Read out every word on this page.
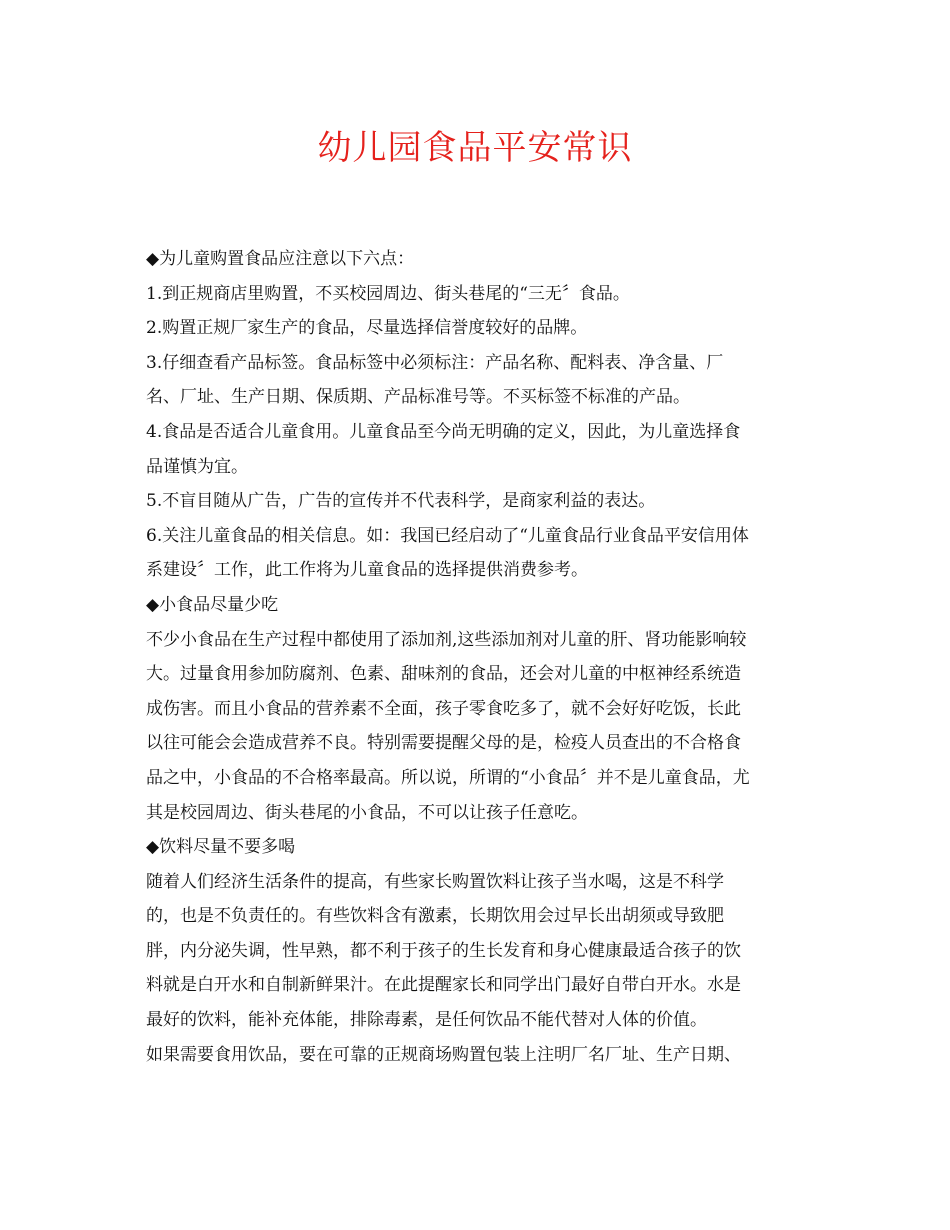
幼儿园食品平安常识
◆为儿童购置食品应注意以下六点：
1.到正规商店里购置，不买校园周边、街头巷尾的“三无〞食品。
2.购置正规厂家生产的食品，尽量选择信誉度较好的品牌。
3.仔细查看产品标签。食品标签中必须标注：产品名称、配料表、净含量、厂
名、厂址、生产日期、保质期、产品标准号等。不买标签不标准的产品。
4.食品是否适合儿童食用。儿童食品至今尚无明确的定义，因此，为儿童选择食
品谨慎为宜。
5.不盲目随从广告，广告的宣传并不代表科学，是商家利益的表达。
6.关注儿童食品的相关信息。如：我国已经启动了“儿童食品行业食品平安信用体
系建设〞工作，此工作将为儿童食品的选择提供消费参考。
◆小食品尽量少吃
不少小食品在生产过程中都使用了添加剂,这些添加剂对儿童的肝、肾功能影响较
大。过量食用参加防腐剂、色素、甜味剂的食品，还会对儿童的中枢神经系统造
成伤害。而且小食品的营养素不全面，孩子零食吃多了，就不会好好吃饭，长此
以往可能会会造成营养不良。特别需要提醒父母的是，检疫人员查出的不合格食
品之中，小食品的不合格率最高。所以说，所谓的“小食品〞并不是儿童食品，尤
其是校园周边、街头巷尾的小食品，不可以让孩子任意吃。
◆饮料尽量不要多喝
随着人们经济生活条件的提高，有些家长购置饮料让孩子当水喝，这是不科学
的，也是不负责任的。有些饮料含有激素，长期饮用会过早长出胡须或导致肥
胖，内分泌失调，性早熟，都不利于孩子的生长发育和身心健康最适合孩子的饮
料就是白开水和自制新鲜果汁。在此提醒家长和同学出门最好自带白开水。水是
最好的饮料，能补充体能，排除毒素，是任何饮品不能代替对人体的价值。
如果需要食用饮品，要在可靠的正规商场购置包装上注明厂名厂址、生产日期、
